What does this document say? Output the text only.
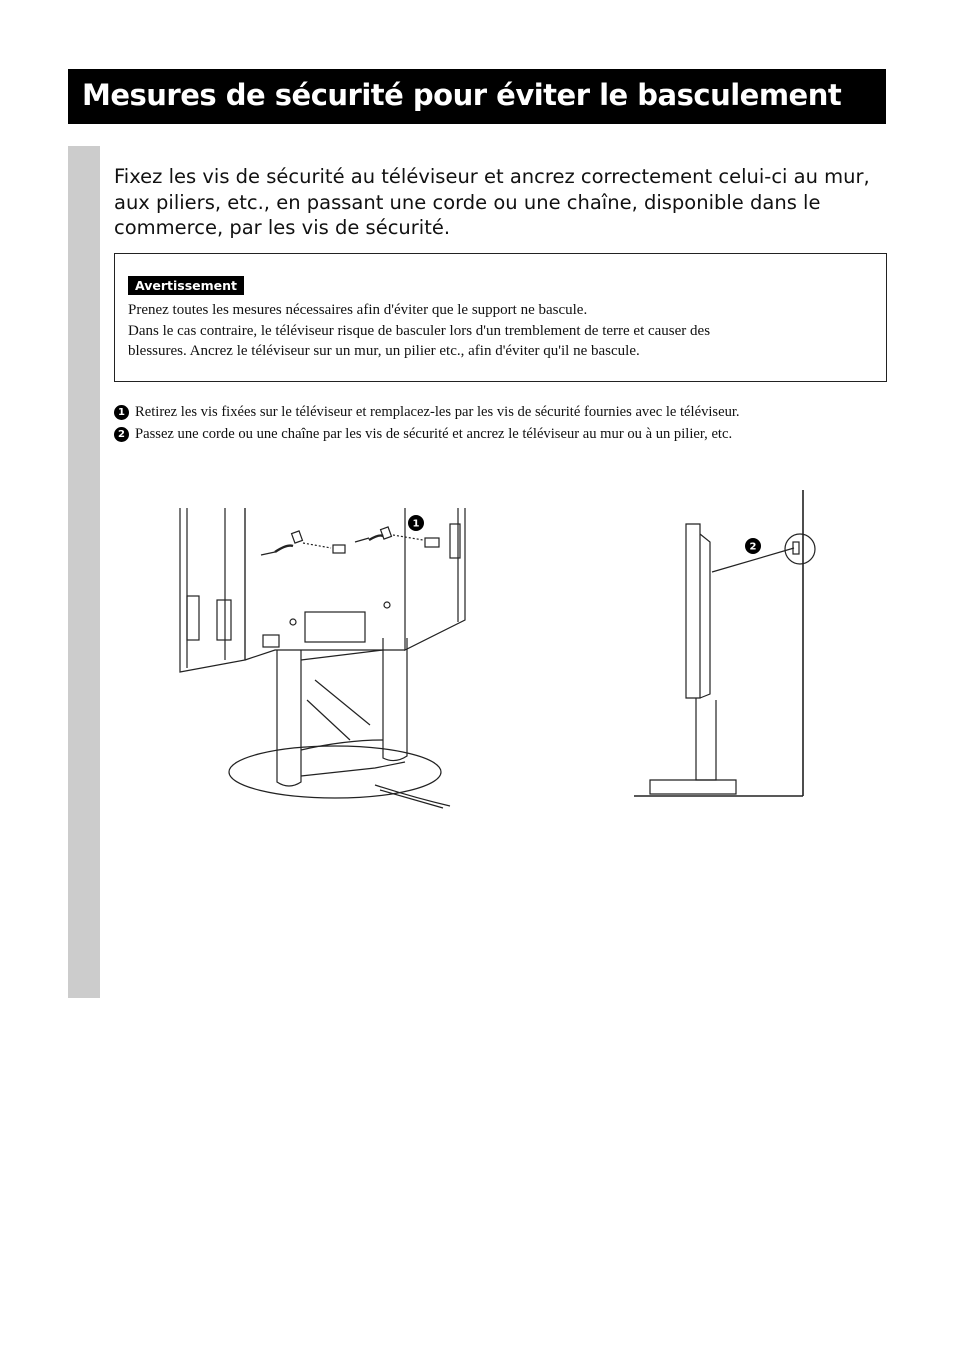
Mesures de sécurité pour éviter le basculement

Fixez les vis de sécurité au téléviseur et ancrez correctement celui-ci au mur, aux piliers, etc., en passant une corde ou une chaîne, disponible dans le commerce, par les vis de sécurité.

Avertissement

Prenez toutes les mesures nécessaires afin d'éviter que le support ne bascule.
Dans le cas contraire, le téléviseur risque de basculer lors d'un tremblement de terre et causer des
blessures. Ancrez le téléviseur sur un mur, un pilier etc., afin d'éviter qu'il ne bascule.

1 Retirez les vis fixées sur le téléviseur et remplacez-les par les vis de sécurité fournies avec le téléviseur.
2 Passez une corde ou une chaîne par les vis de sécurité et ancrez le téléviseur au mur ou à un pilier, etc.
1
2
